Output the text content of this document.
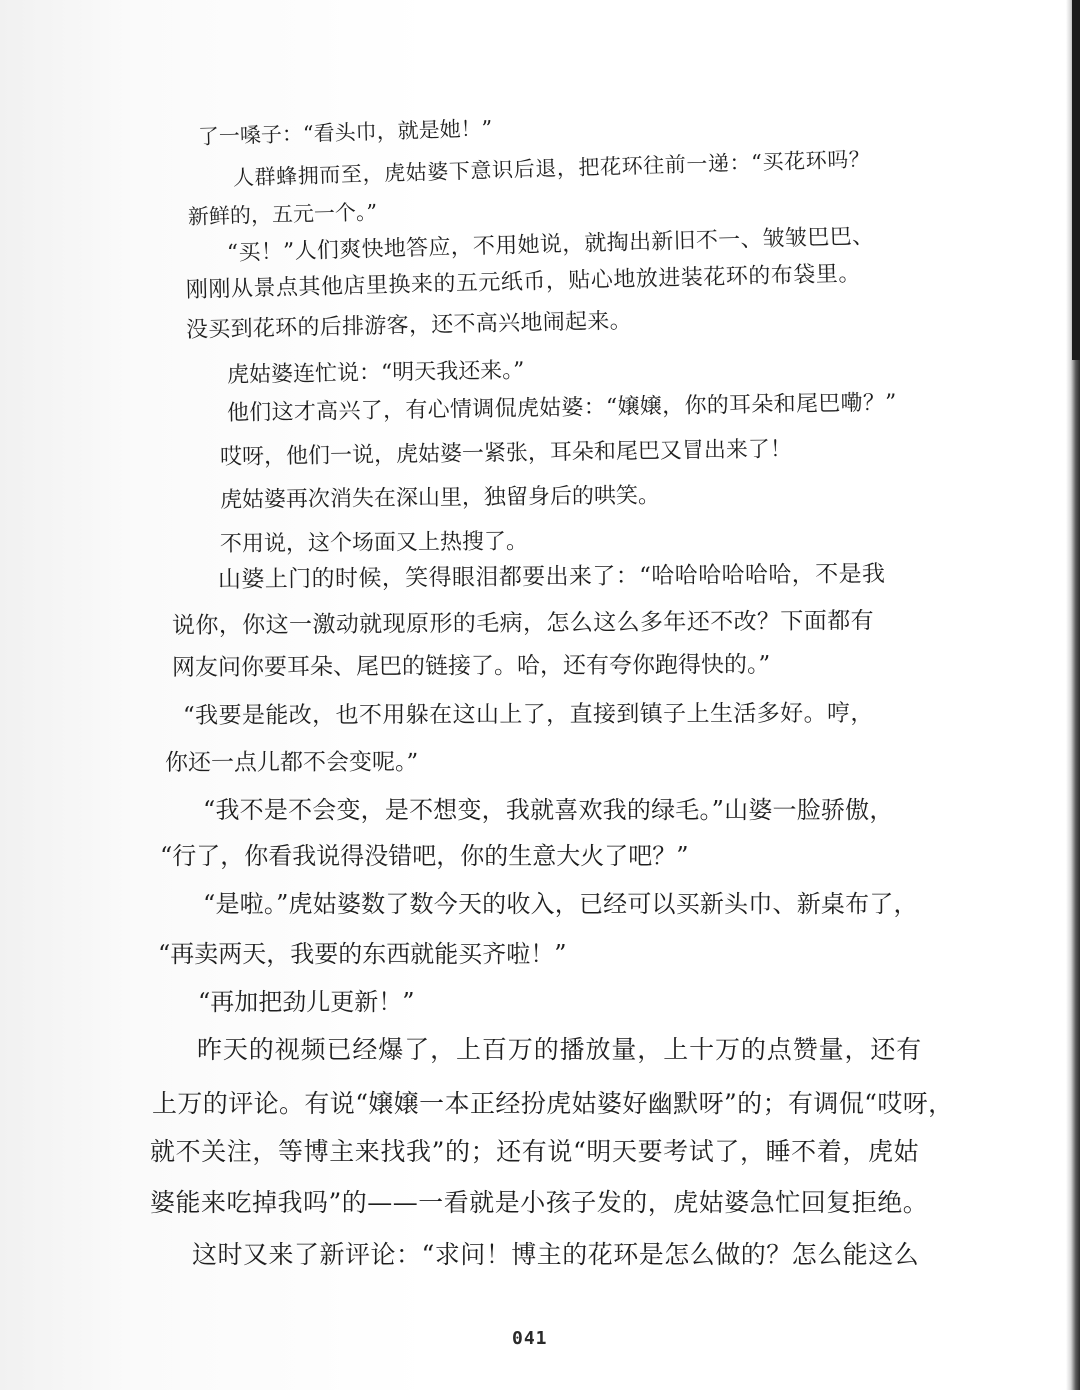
了一嗓子：“看头巾，就是她！”
人群蜂拥而至，虎姑婆下意识后退，把花环往前一递：“买花环吗？
新鲜的，五元一个。”
“买！”人们爽快地答应，不用她说，就掏出新旧不一、皱皱巴巴、
刚刚从景点其他店里换来的五元纸币，贴心地放进装花环的布袋里。
没买到花环的后排游客，还不高兴地闹起来。
虎姑婆连忙说：“明天我还来。”
他们这才高兴了，有心情调侃虎姑婆：“嬢嬢，你的耳朵和尾巴嘞？”
哎呀，他们一说，虎姑婆一紧张，耳朵和尾巴又冒出来了！
虎姑婆再次消失在深山里，独留身后的哄笑。
不用说，这个场面又上热搜了。
山婆上门的时候，笑得眼泪都要出来了：“哈哈哈哈哈哈，不是我
说你，你这一激动就现原形的毛病，怎么这么多年还不改？下面都有
网友问你要耳朵、尾巴的链接了。哈，还有夸你跑得快的。”
“我要是能改，也不用躲在这山上了，直接到镇子上生活多好。哼，
你还一点儿都不会变呢。”
“我不是不会变，是不想变，我就喜欢我的绿毛。”山婆一脸骄傲，
“行了，你看我说得没错吧，你的生意大火了吧？”
“是啦。”虎姑婆数了数今天的收入，已经可以买新头巾、新桌布了，
“再卖两天，我要的东西就能买齐啦！”
“再加把劲儿更新！”
昨天的视频已经爆了，上百万的播放量，上十万的点赞量，还有
上万的评论。有说“嬢嬢一本正经扮虎姑婆好幽默呀”的；有调侃“哎呀，
就不关注，等博主来找我”的；还有说“明天要考试了，睡不着，虎姑
婆能来吃掉我吗”的——一看就是小孩子发的，虎姑婆急忙回复拒绝。
这时又来了新评论：“求问！博主的花环是怎么做的？怎么能这么
041
